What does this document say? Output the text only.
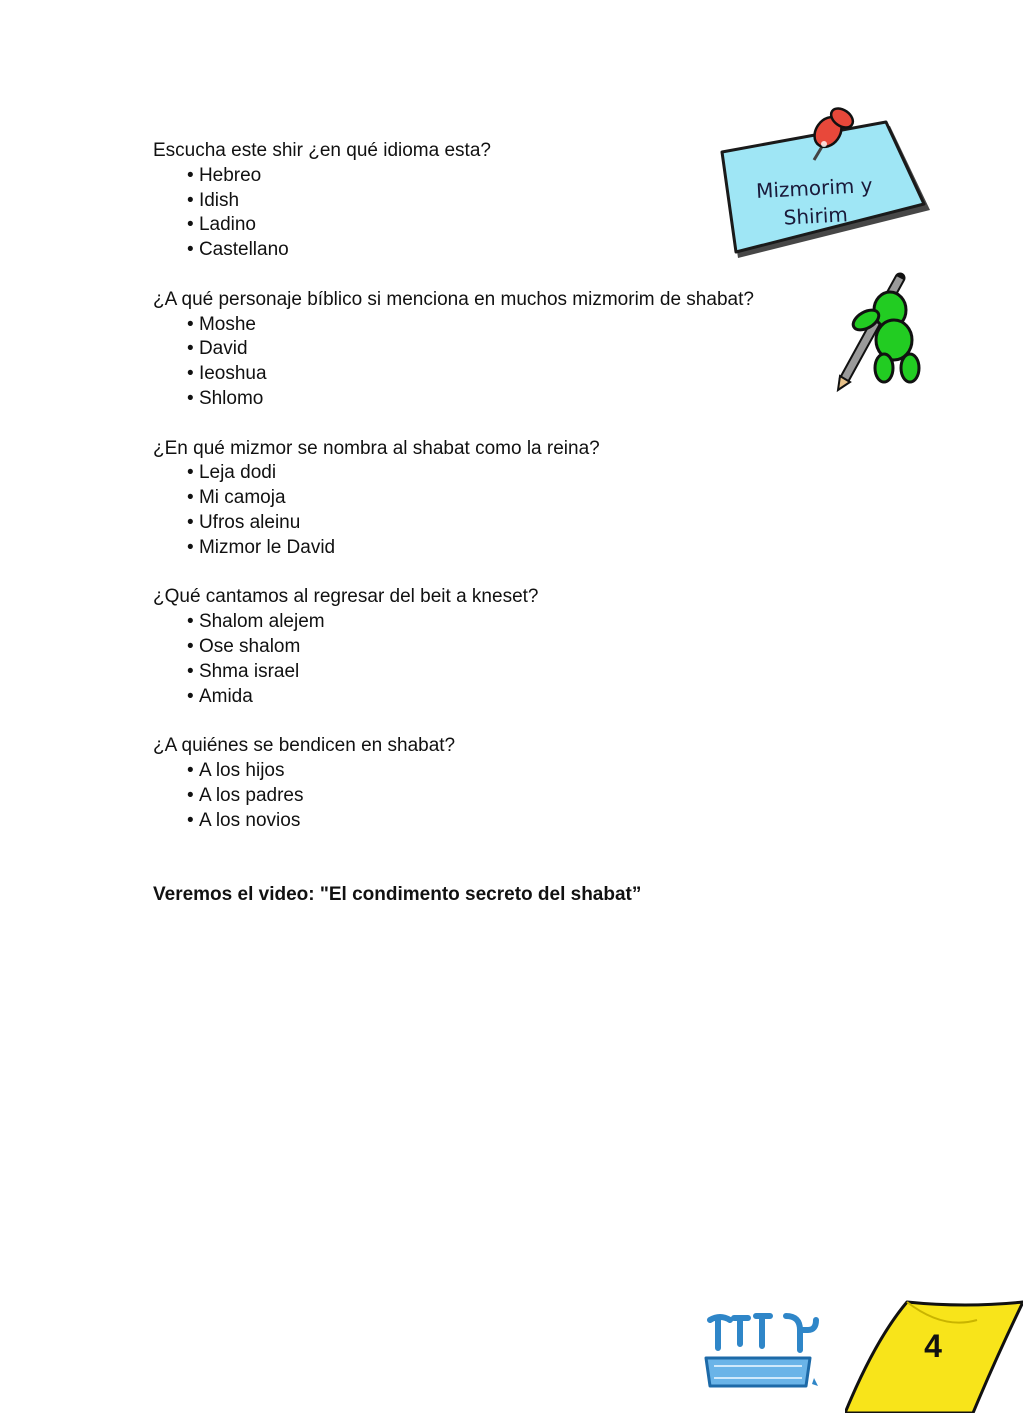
Mizmorim y Shirim

Escucha este shir ¿en qué idioma esta?

• Hebreo
• Idish
• Ladino
• Castellano

¿A qué personaje bíblico si menciona en muchos mizmorim de shabat?

• Moshe
• David
• Ieoshua
• Shlomo

¿En qué mizmor se nombra al shabat como la reina?

• Leja dodi
• Mi camoja
• Ufros aleinu
• Mizmor le David

¿Qué cantamos al regresar del beit a kneset?

• Shalom alejem
• Ose shalom
• Shma israel
• Amida

¿A quiénes se bendicen en shabat?

• A los hijos
• A los padres
• A los novios

Veremos el video: "El condimento secreto del shabat”

4
